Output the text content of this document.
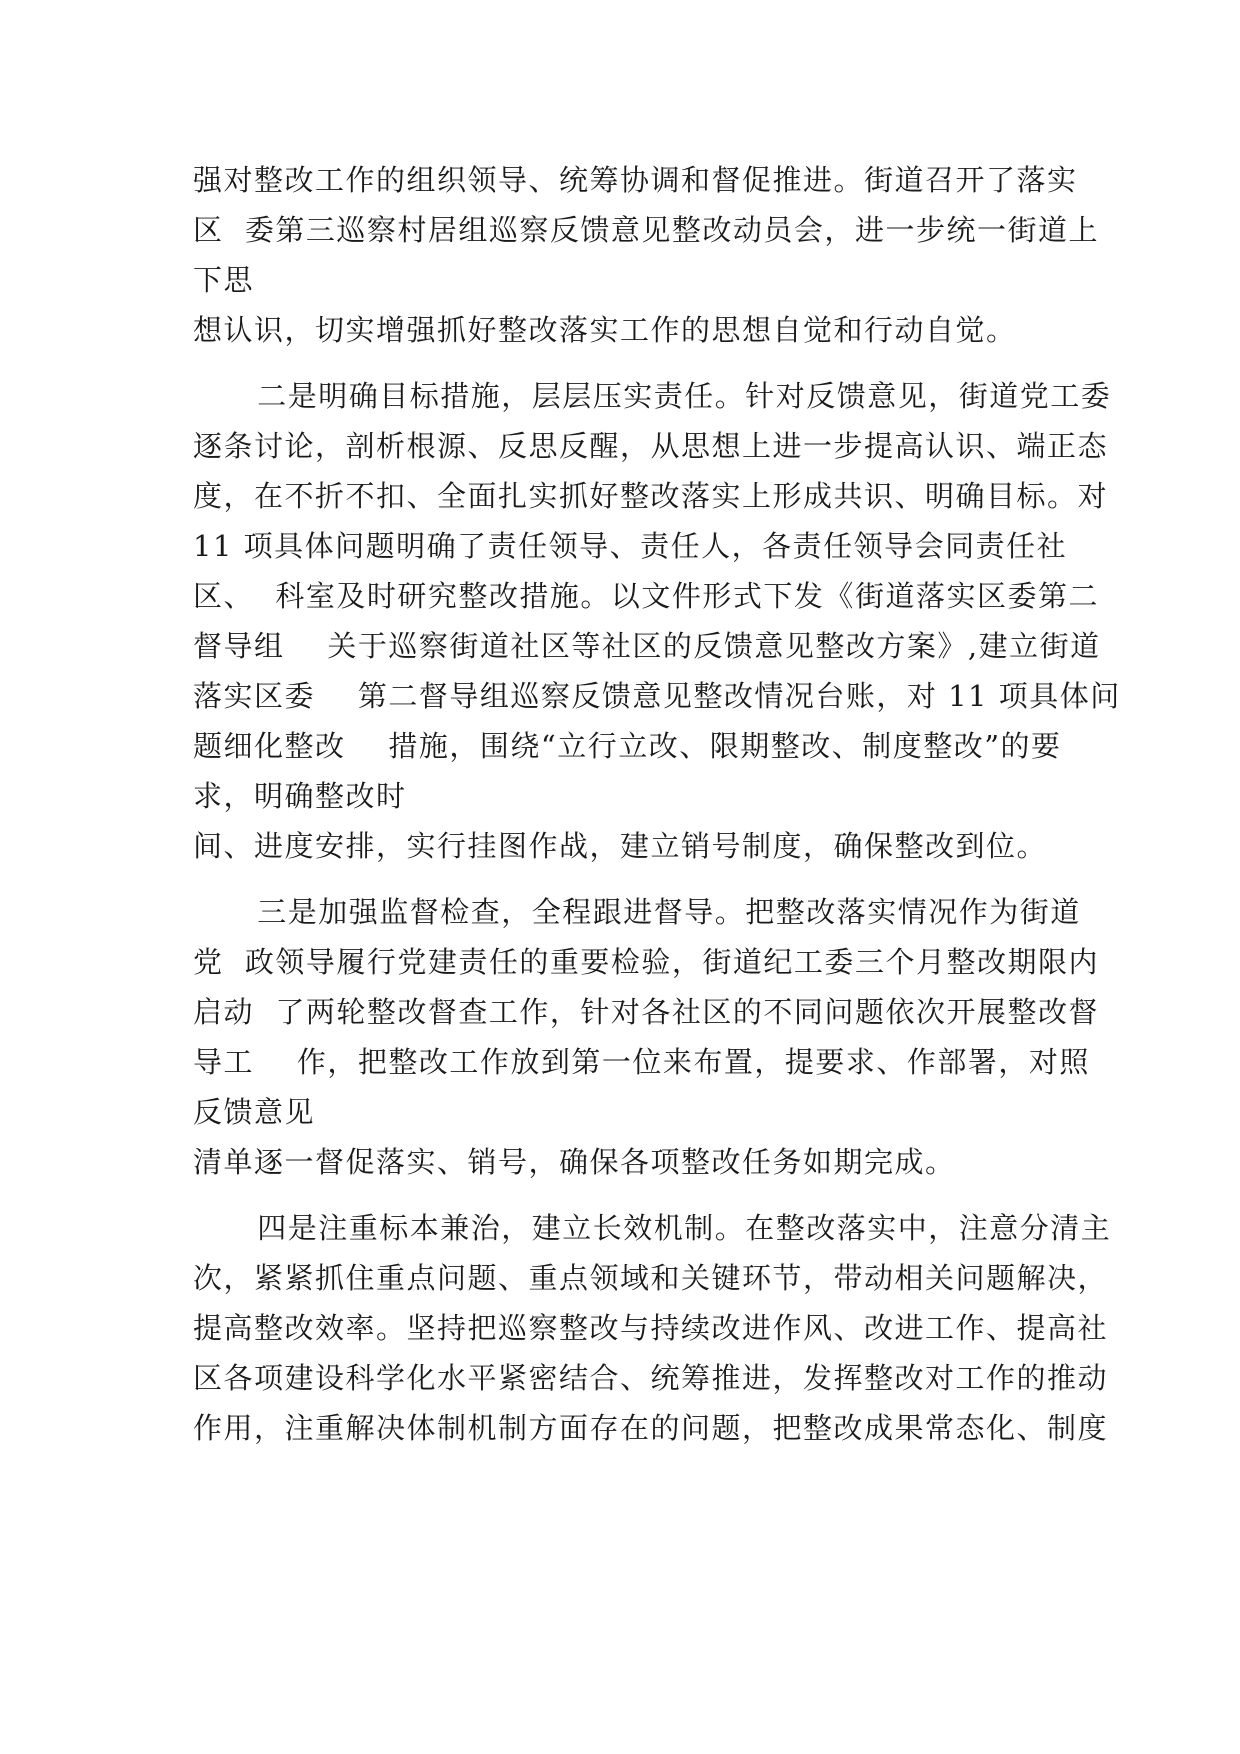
强对整改工作的组织领导、统筹协调和督促推进。街道召开了落实
区  委第三巡察村居组巡察反馈意见整改动员会，进一步统一街道上
下思
想认识，切实增强抓好整改落实工作的思想自觉和行动自觉。
二是明确目标措施，层层压实责任。针对反馈意见，街道党工委
逐条讨论，剖析根源、反思反醒，从思想上进一步提高认识、端正态
度，在不折不扣、全面扎实抓好整改落实上形成共识、明确目标。对
11 项具体问题明确了责任领导、责任人，各责任领导会同责任社
区、  科室及时研究整改措施。以文件形式下发《街道落实区委第二
督导组    关于巡察街道社区等社区的反馈意见整改方案》,建立街道
落实区委    第二督导组巡察反馈意见整改情况台账，对 11 项具体问
题细化整改    措施，围绕“立行立改、限期整改、制度整改”的要
求，明确整改时
间、进度安排，实行挂图作战，建立销号制度，确保整改到位。
三是加强监督检查，全程跟进督导。把整改落实情况作为街道
党  政领导履行党建责任的重要检验，街道纪工委三个月整改期限内
启动  了两轮整改督查工作，针对各社区的不同问题依次开展整改督
导工    作，把整改工作放到第一位来布置，提要求、作部署，对照
反馈意见
清单逐一督促落实、销号，确保各项整改任务如期完成。
四是注重标本兼治，建立长效机制。在整改落实中，注意分清主
次，紧紧抓住重点问题、重点领域和关键环节，带动相关问题解决，
提高整改效率。坚持把巡察整改与持续改进作风、改进工作、提高社
区各项建设科学化水平紧密结合、统筹推进，发挥整改对工作的推动
作用，注重解决体制机制方面存在的问题，把整改成果常态化、制度
